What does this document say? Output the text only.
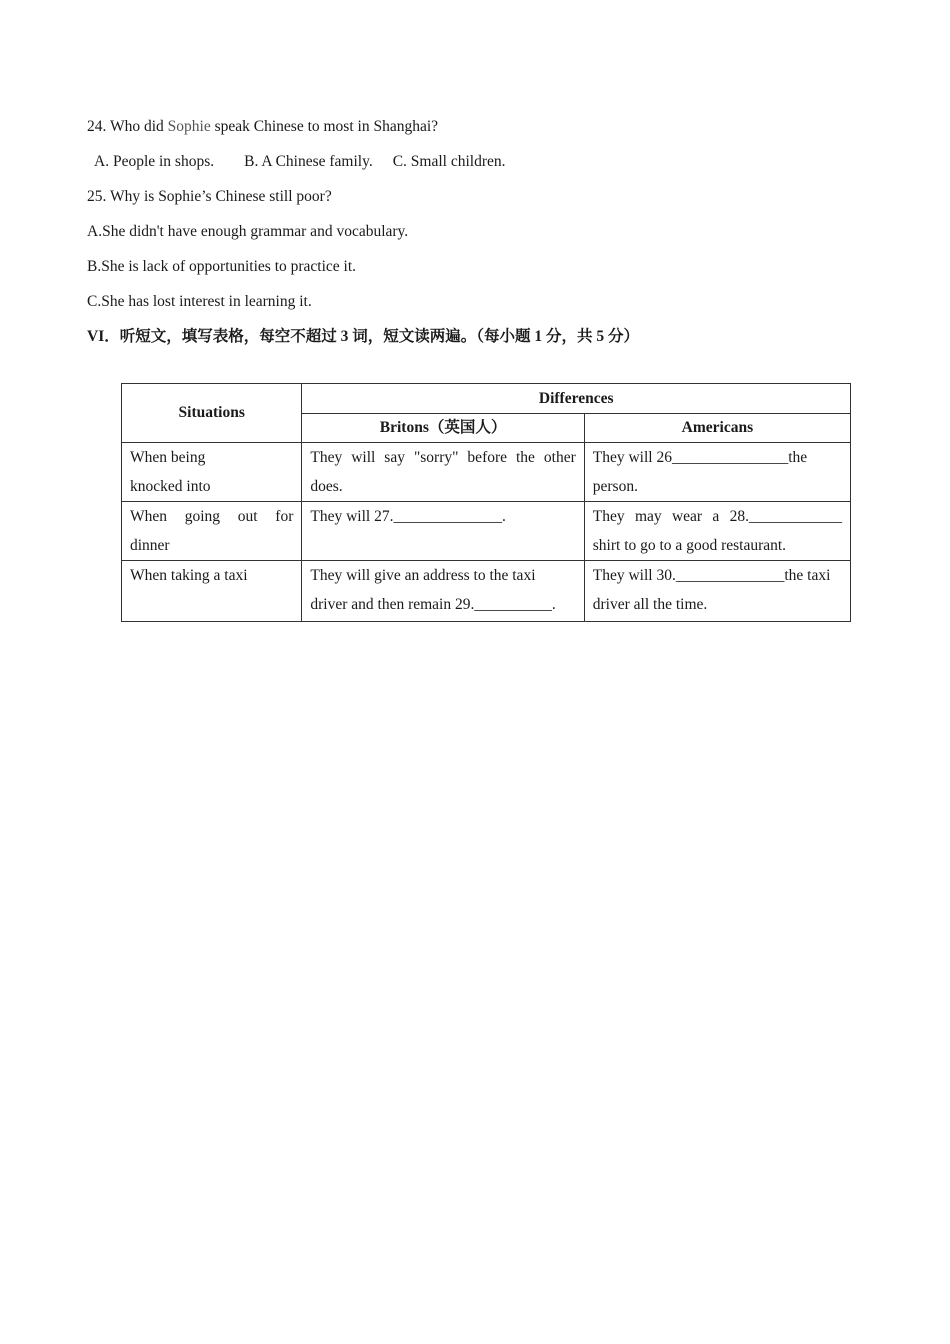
24. Who did Sophie speak Chinese to most in Shanghai?
A. People in shops. B. A Chinese family. C. Small children.
25. Why is Sophie’s Chinese still poor?
A.She didn't have enough grammar and vocabulary.
B.She is lack of opportunities to practice it.
C.She has lost interest in learning it.
VI．听短文，填写表格，每空不超过 3 词，短文读两遍。（每小题 1 分，共 5 分）
Situations	Differences	
	Britons（英国人）	Americans
When being knocked into	They will say "sorry" before the other does.	They will 26_______________the person.
When going out for dinner	They will 27.______________.	They may wear a 28.____________ shirt to go to a good restaurant.
When taking a taxi	They will give an address to the taxi driver and then remain 29.__________.	They will 30.______________the taxi driver all the time.
